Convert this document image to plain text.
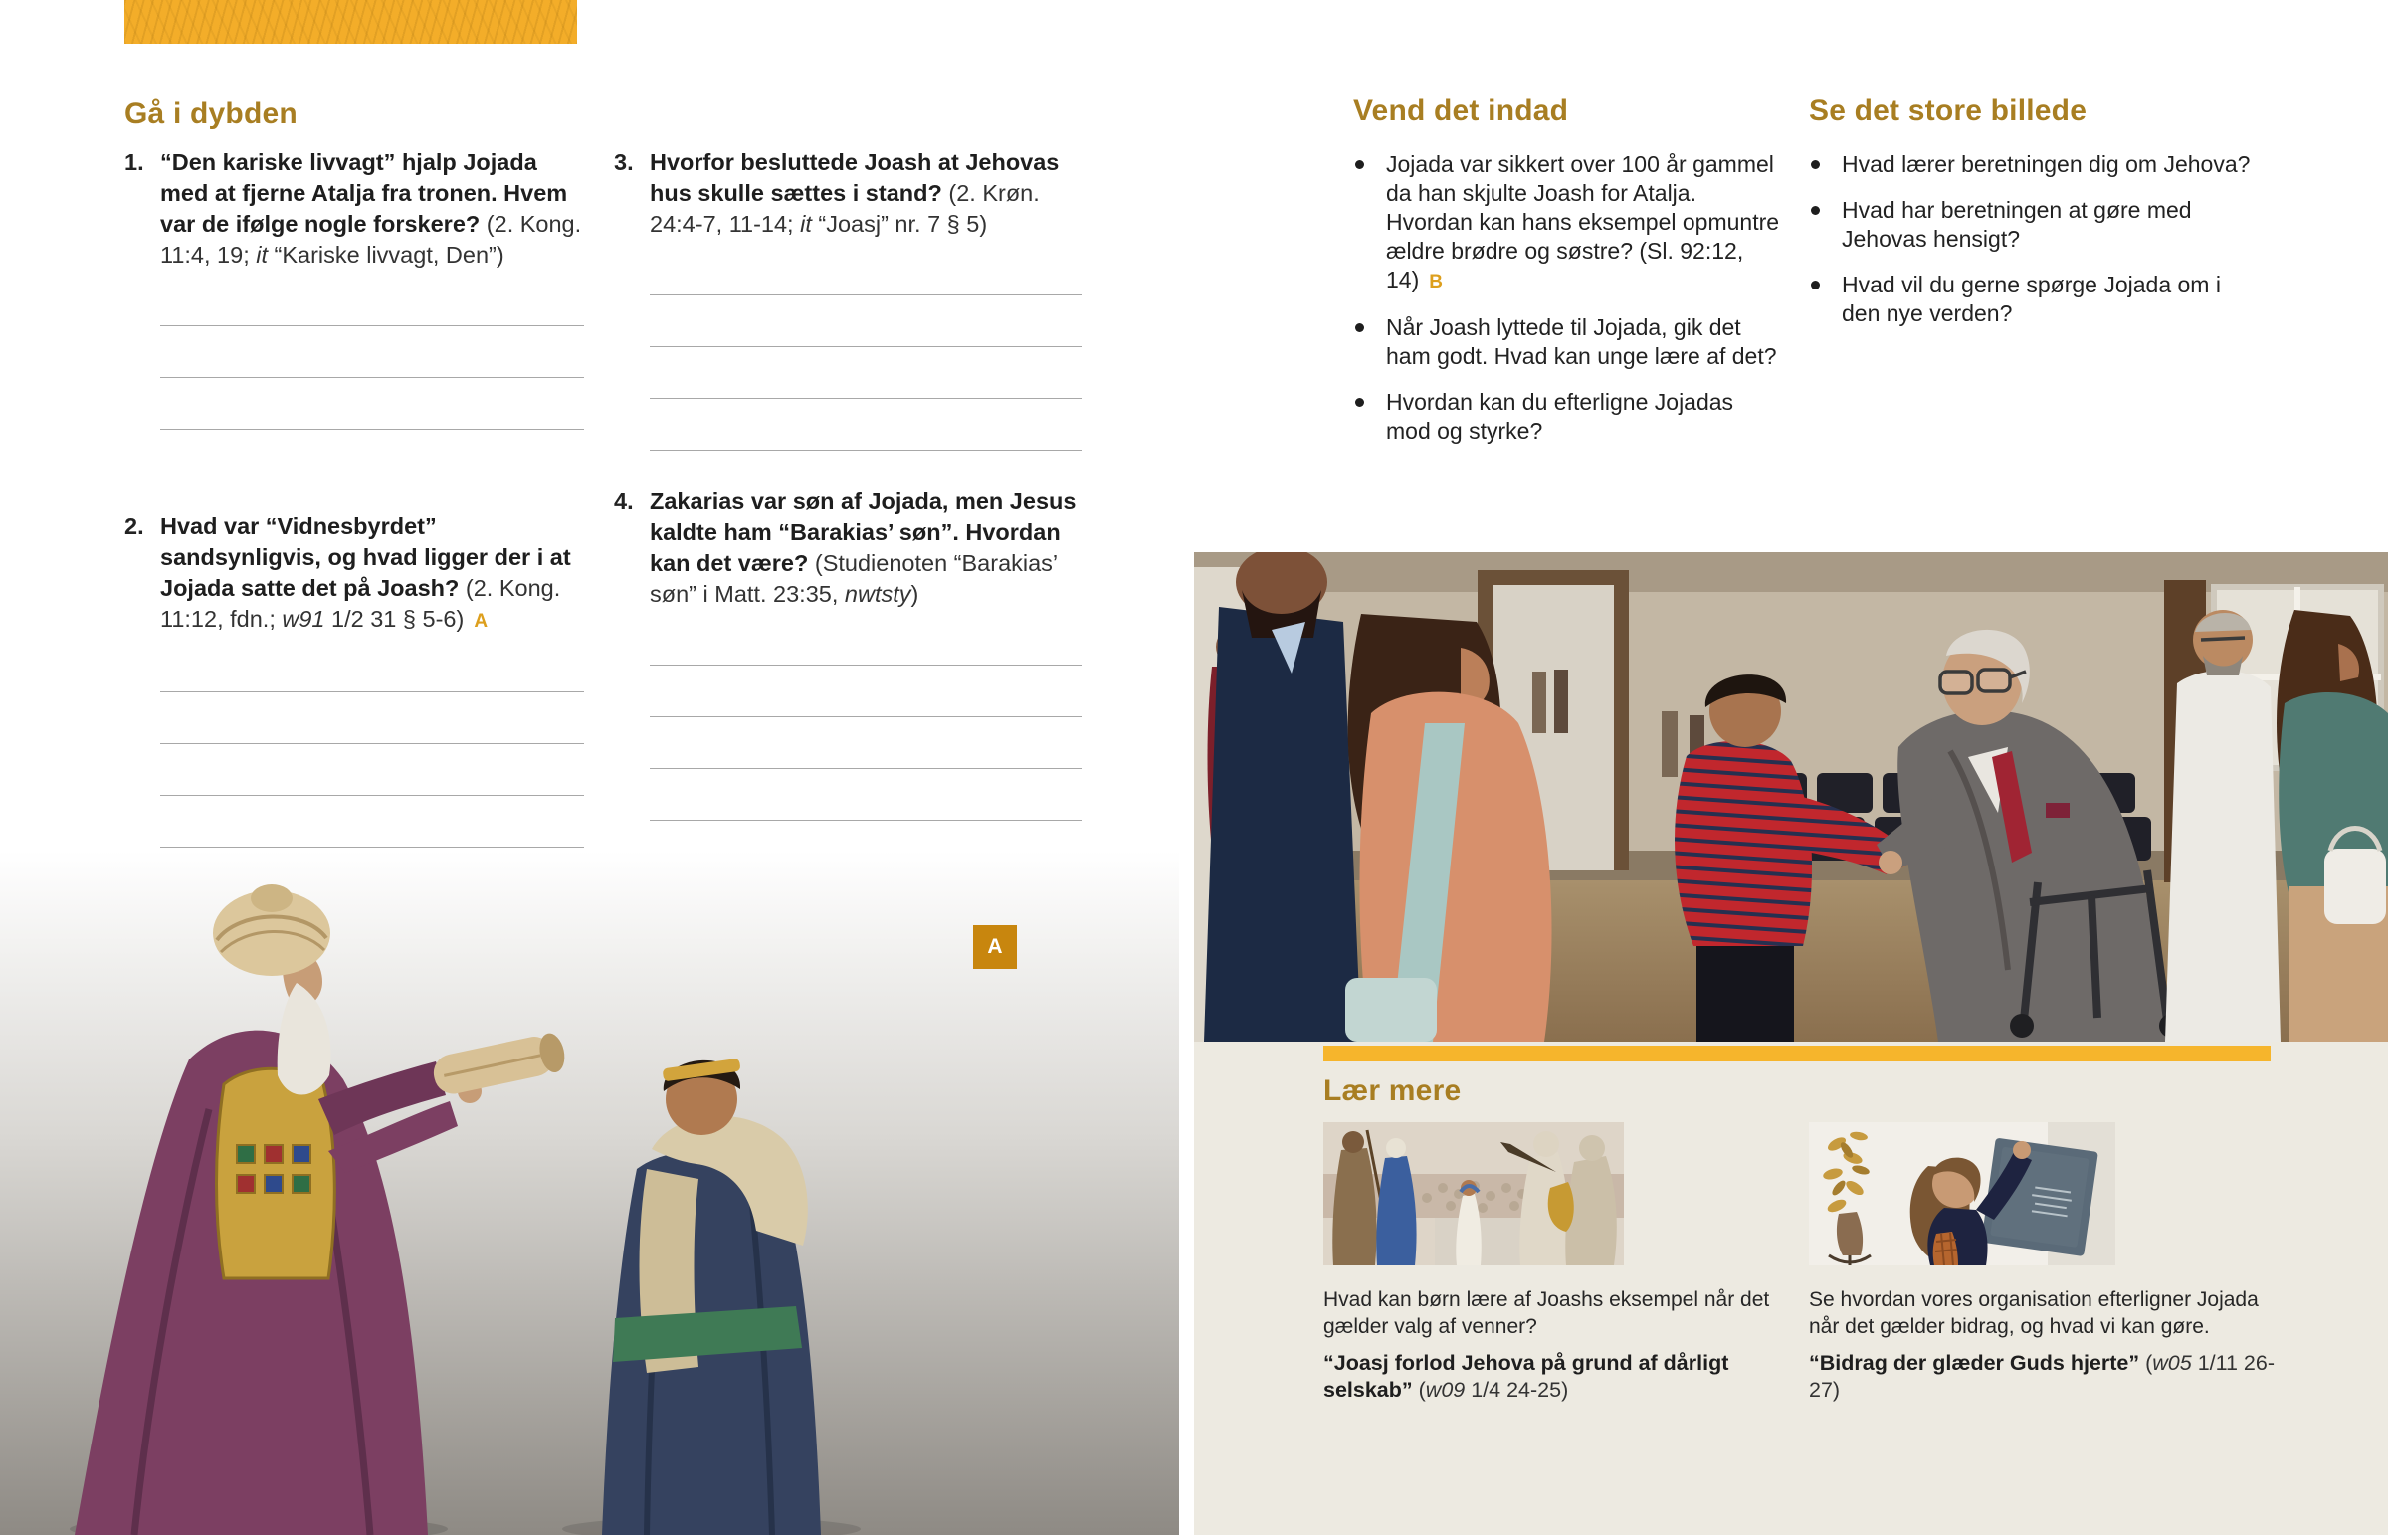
Gå i dybden
1. “Den kariske livvagt” hjalp Jojada med at fjerne Atalja fra tronen. Hvem var de ifølge nogle forskere? (2. Kong. 11:4, 19; it “Kariske livvagt, Den”)

2. Hvad var “Vidnesbyrdet” sandsynligvis, og hvad ligger der i at Jojada satte det på Joash? (2. Kong. 11:12, fdn.; w91 1/2 31 § 5-6) A

3. Hvorfor besluttede Joash at Jehovas hus skulle sættes i stand? (2. Krøn. 24:4-7, 11-14; it “Joasj” nr. 7 § 5)

4. Zakarias var søn af Jojada, men Jesus kaldte ham “Barakias’ søn”. Hvordan kan det være? (Studienoten “Barakias’ søn” i Matt. 23:35, nwtsty)

A
Vend det indad

Jojada var sikkert over 100 år gammel da han skjulte Joash for Atalja. Hvordan kan hans eksempel opmuntre ældre brødre og søstre? (Sl. 92:12, 14) B

Når Joash lyttede til Jojada, gik det ham godt. Hvad kan unge lære af det?

Hvordan kan du efterligne Jojadas mod og styrke?

Se det store billede

Hvad lærer beretningen dig om Jehova?

Hvad har beretningen at gøre med Jehovas hensigt?

Hvad vil du gerne spørge Jojada om i den nye verden?

Lær mere

Hvad kan børn lære af Joashs eksempel når det gælder valg af venner?

“Joasj forlod Jehova på grund af dårligt selskab” (w09 1/4 24-25)

Se hvordan vores organisation efterligner Jojada når det gælder bidrag, og hvad vi kan gøre.

“Bidrag der glæder Guds hjerte” (w05 1/11 26-27)
